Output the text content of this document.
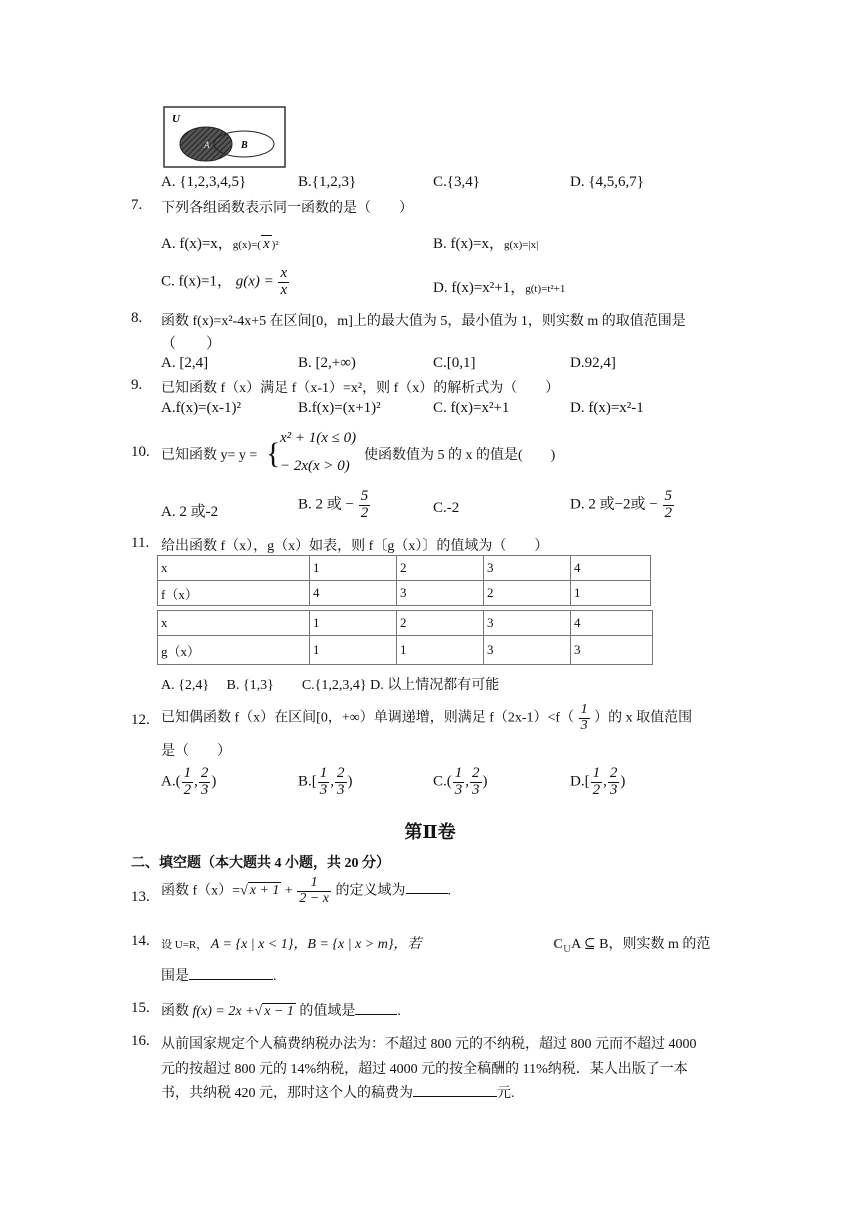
U
A	B
A. {1,2,3,4,5}	B.{1,2,3}	C.{3,4}	D. {4,5,6,7}
7. 下列各组函数表示同一函数的是（　　）
A. f(x)=x，g(x)=( x )²	B. f(x)=x，g(x)=|x|
C. f(x)=1， $g(x) = \frac{x}{x}$	D. f(x)=x²+1，g(t)=t²+1
8. 函数 f(x)=x²-4x+5 在区间[0，m]上的最大值为 5，最小值为 1，则实数 m 的取值范围是
（　　）
A. [2,4]	B. [2,+∞)	C.[0,1]	D.92,4]
9. 已知函数 f（x）满足 f（x-1）=x²，则 f（x）的解析式为（　　）
A.f(x)=(x-1)²	B.f(x)=(x+1)²	C. f(x)=x²+1	D. f(x)=x²-1
10. 已知函数 y= y = { x² + 1(x ≤ 0)
− 2x(x > 0)
使函数值为 5 的 x 的值是(　　)
A. 2 或-2	B. 2 或 − $\frac{5}{2}$	C.-2	D. 2 或−2或 − $\frac{5}{2}$
11. 给出函数 f（x），g（x）如表，则 f〔g（x）〕的值域为（　　）
x	1	2	3	4
f（x）	4	3	2	1
x	1	2	3	4
g（x）	1	1	3	3
A. {2,4}　 B. {1,3}　　C.{1,2,3,4} D. 以上情况都有可能
12. 已知偶函数 f（x）在区间[0，+∞）单调递增，则满足 $f(2x-1)<f( \frac{1}{3}$ ）的 x 取值范围
是（　　）
$A.( \frac{1}{2}$ , $\frac{2}{3}$ )	$B.[ \frac{1}{3}$ , $\frac{2}{3}$ )	$C.( \frac{1}{3}$ , $\frac{2}{3}$ )	$D.[ \frac{1}{2}$ , $\frac{2}{3}$ )
第Ⅱ卷
二、填空题（本大题共 4 小题，共 20 分）
13. 函数 f（x）=√ $x + 1 + \frac{1}{2 - x}$ 的定义域为	.
14. 设 U=R， A = {x | x < 1}，B = {x | x > m}，若	$C_UA$ ⊆ B，则实数 m 的范
围是	.
15. 函数 f(x) = 2x +√ x − 1 的值域是	.
16. 从前国家规定个人稿费纳税办法为：不超过 800 元的不纳税，超过 800 元而不超过 4000
元的按超过 800 元的 14%纳税，超过 4000 元的按全稿酬的 11%纳税．某人出版了一本
书，共纳税 420 元，那时这个人的稿费为	元.
